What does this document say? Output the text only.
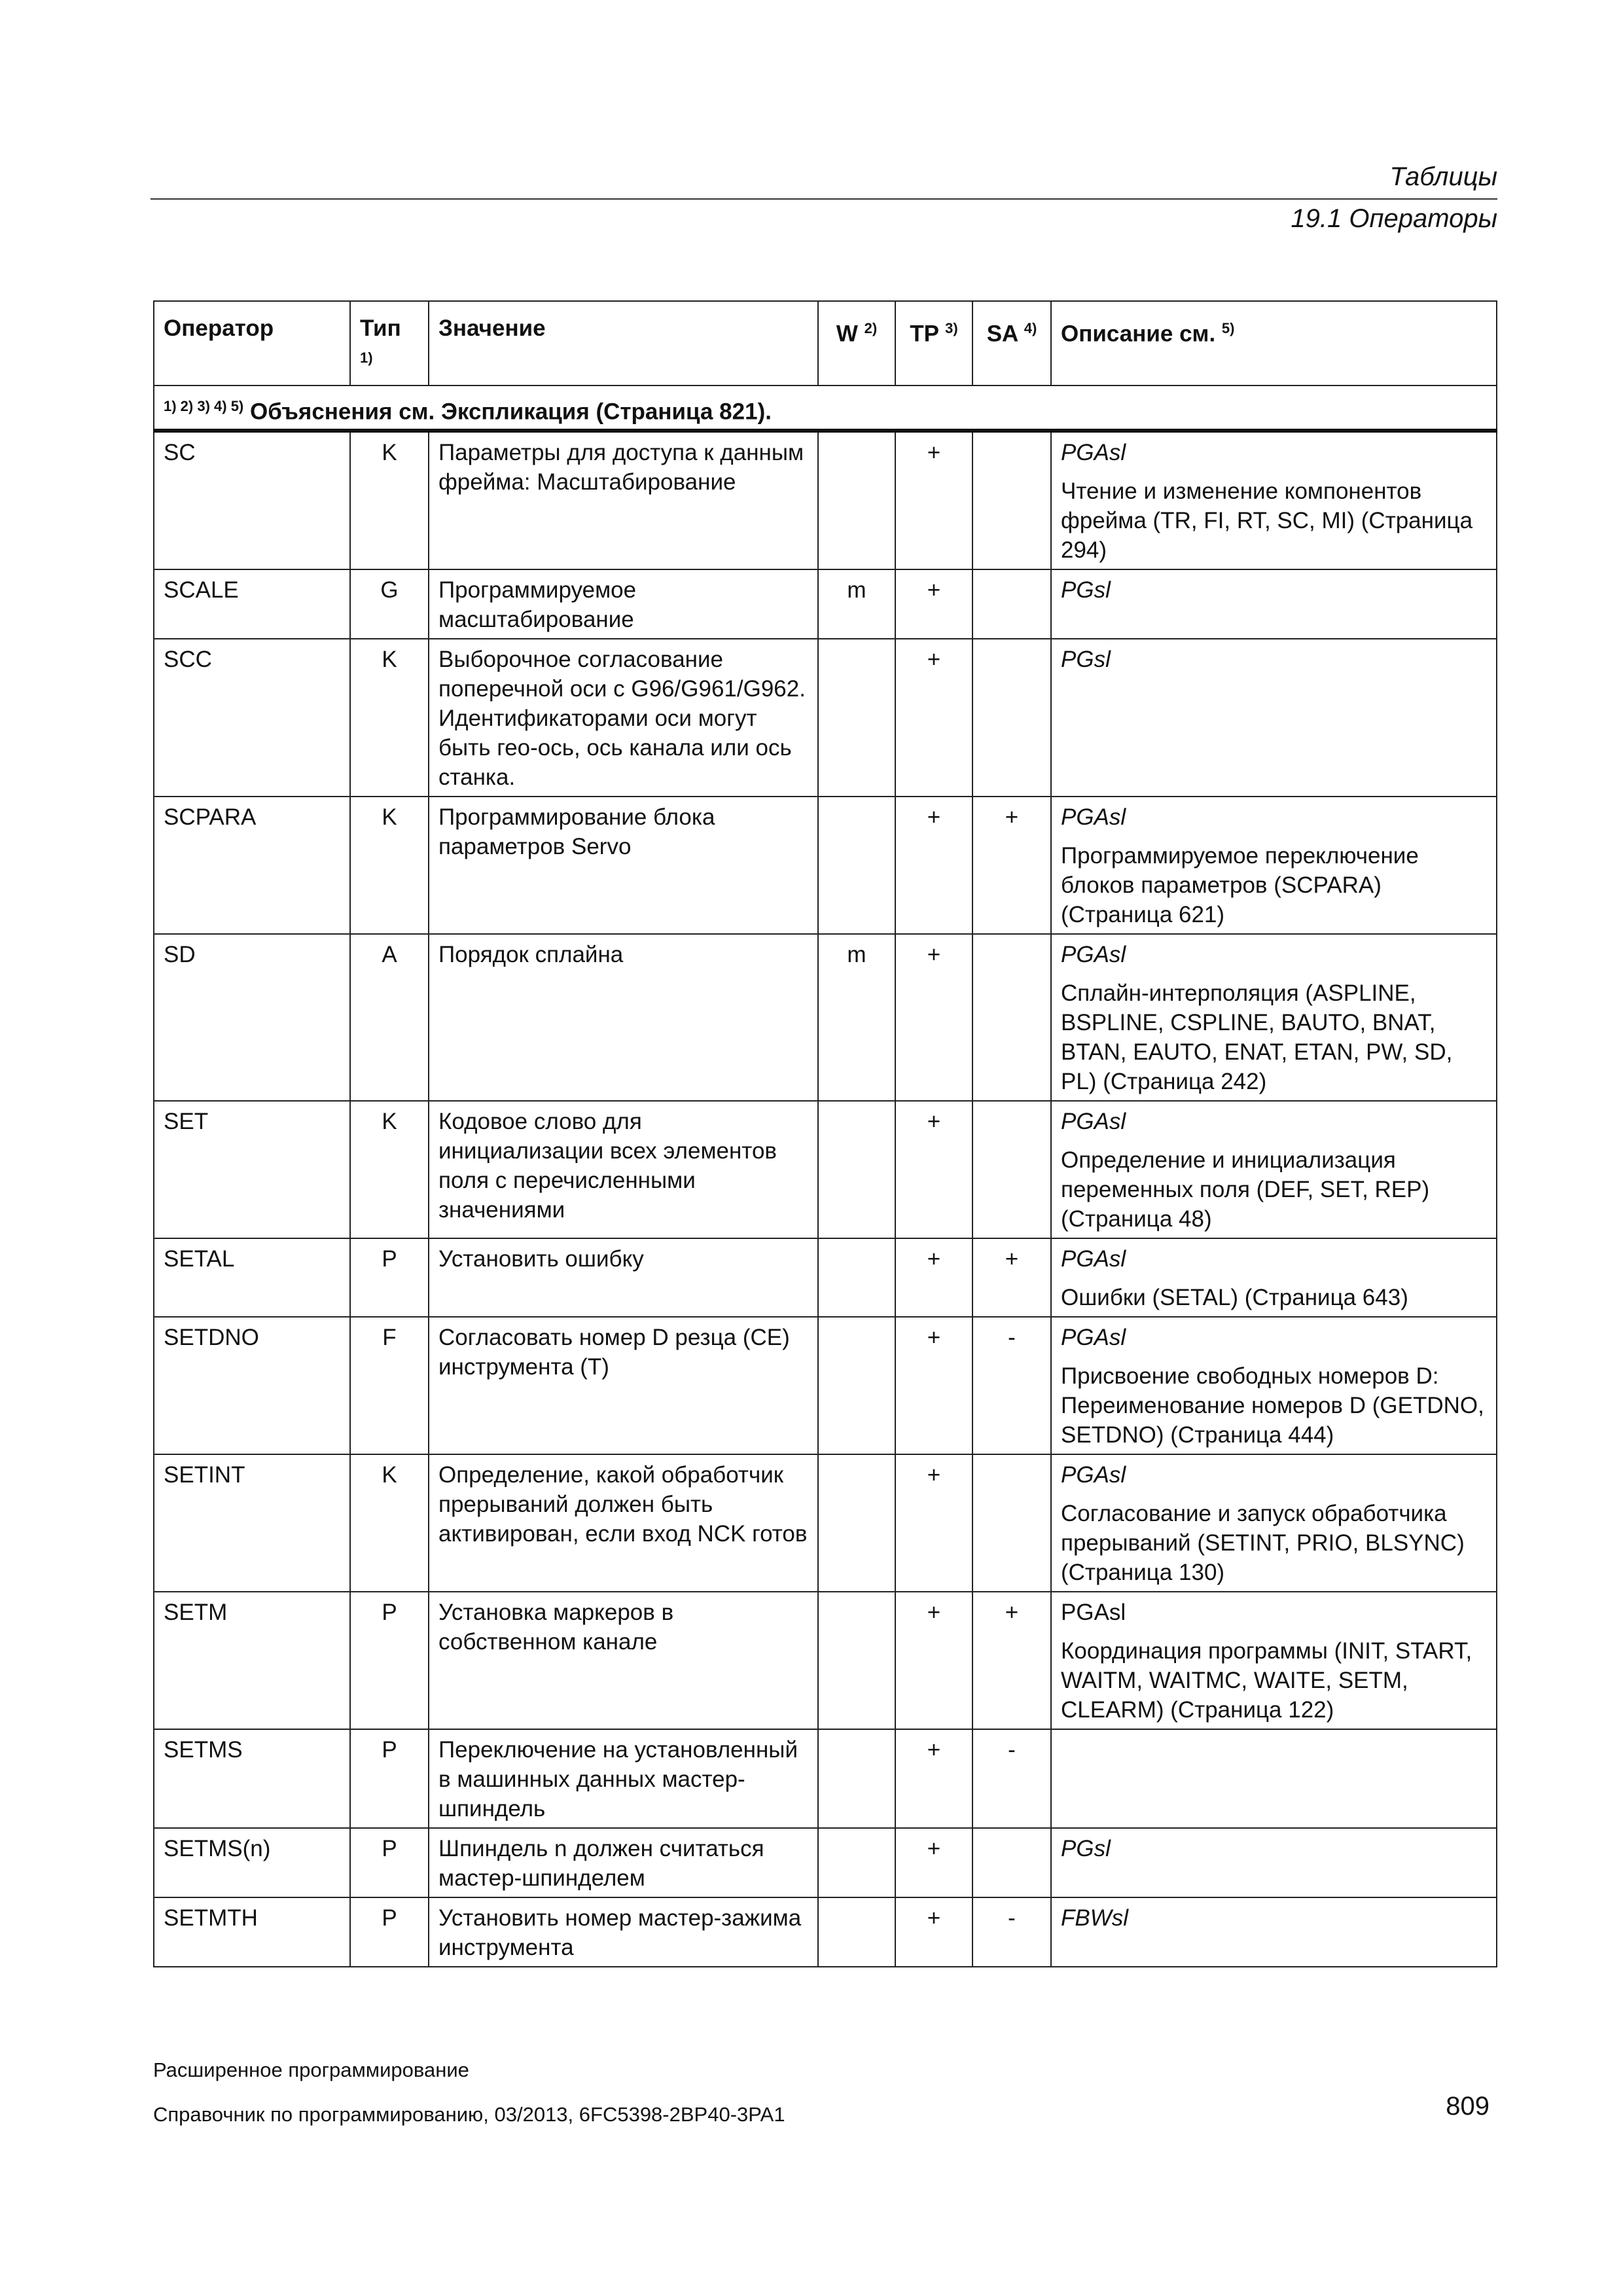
Таблицы
19.1 Операторы
Оператор	Тип $^{1)}$	Значение	W $^{2)}$	TP $^{3)}$	SA $^{4)}$	Описание см. $^{5)}$
$^{1) 2) 3) 4) 5)}$ Объяснения см. Экспликация (Страница 821).						
SC	K	Параметры для доступа к данным фрейма: Масштабирование		+		PGAsl
Чтение и изменение компонентов фрейма (TR, FI, RT, SC, MI) (Страница 294)

SCALE	G	Программируемое масштабирование	m	+		PGsl

SCC	K	Выборочное согласование поперечной оси с G96/G961/G962. Идентификаторами оси могут быть гео-ось, ось канала или ось станка.		+		PGsl

SCPARA	K	Программирование блока параметров Servo		+	+	PGAsl
Программируемое переключение блоков параметров (SCPARA) (Страница 621)

SD	A	Порядок сплайна	m	+		PGAsl
Сплайн-интерполяция (ASPLINE, BSPLINE, CSPLINE, BAUTO, BNAT, BTAN, EAUTO, ENAT, ETAN, PW, SD, PL) (Страница 242)

SET	K	Кодовое слово для инициализации всех элементов поля с перечисленными значениями		+		PGAsl
Определение и инициализация переменных поля (DEF, SET, REP) (Страница 48)

SETAL	P	Установить ошибку		+	+	PGAsl
Ошибки (SETAL) (Страница 643)

SETDNO	F	Согласовать номер D резца (CE) инструмента (T)		+	-	PGAsl
Присвоение свободных номеров D: Переименование номеров D (GETDNO, SETDNO) (Страница 444)

SETINT	K	Определение, какой обработчик прерываний должен быть активирован, если вход NCK готов		+		PGAsl
Согласование и запуск обработчика прерываний (SETINT, PRIO, BLSYNC) (Страница 130)

SETM	P	Установка маркеров в собственном канале		+	+	PGAsl
Координация программы (INIT, START, WAITM, WAITMC, WAITE, SETM, CLEARM) (Страница 122)

SETMS	P	Переключение на установленный в машинных данных мастер-шпиндель		+	-	

SETMS(n)	P	Шпиндель n должен считаться мастер-шпинделем		+		PGsl

SETMTH	P	Установить номер мастер-зажима инструмента		+	-	FBWsl
Расширенное программирование
Справочник по программированию, 03/2013, 6FC5398-2BP40-3PA1	809
